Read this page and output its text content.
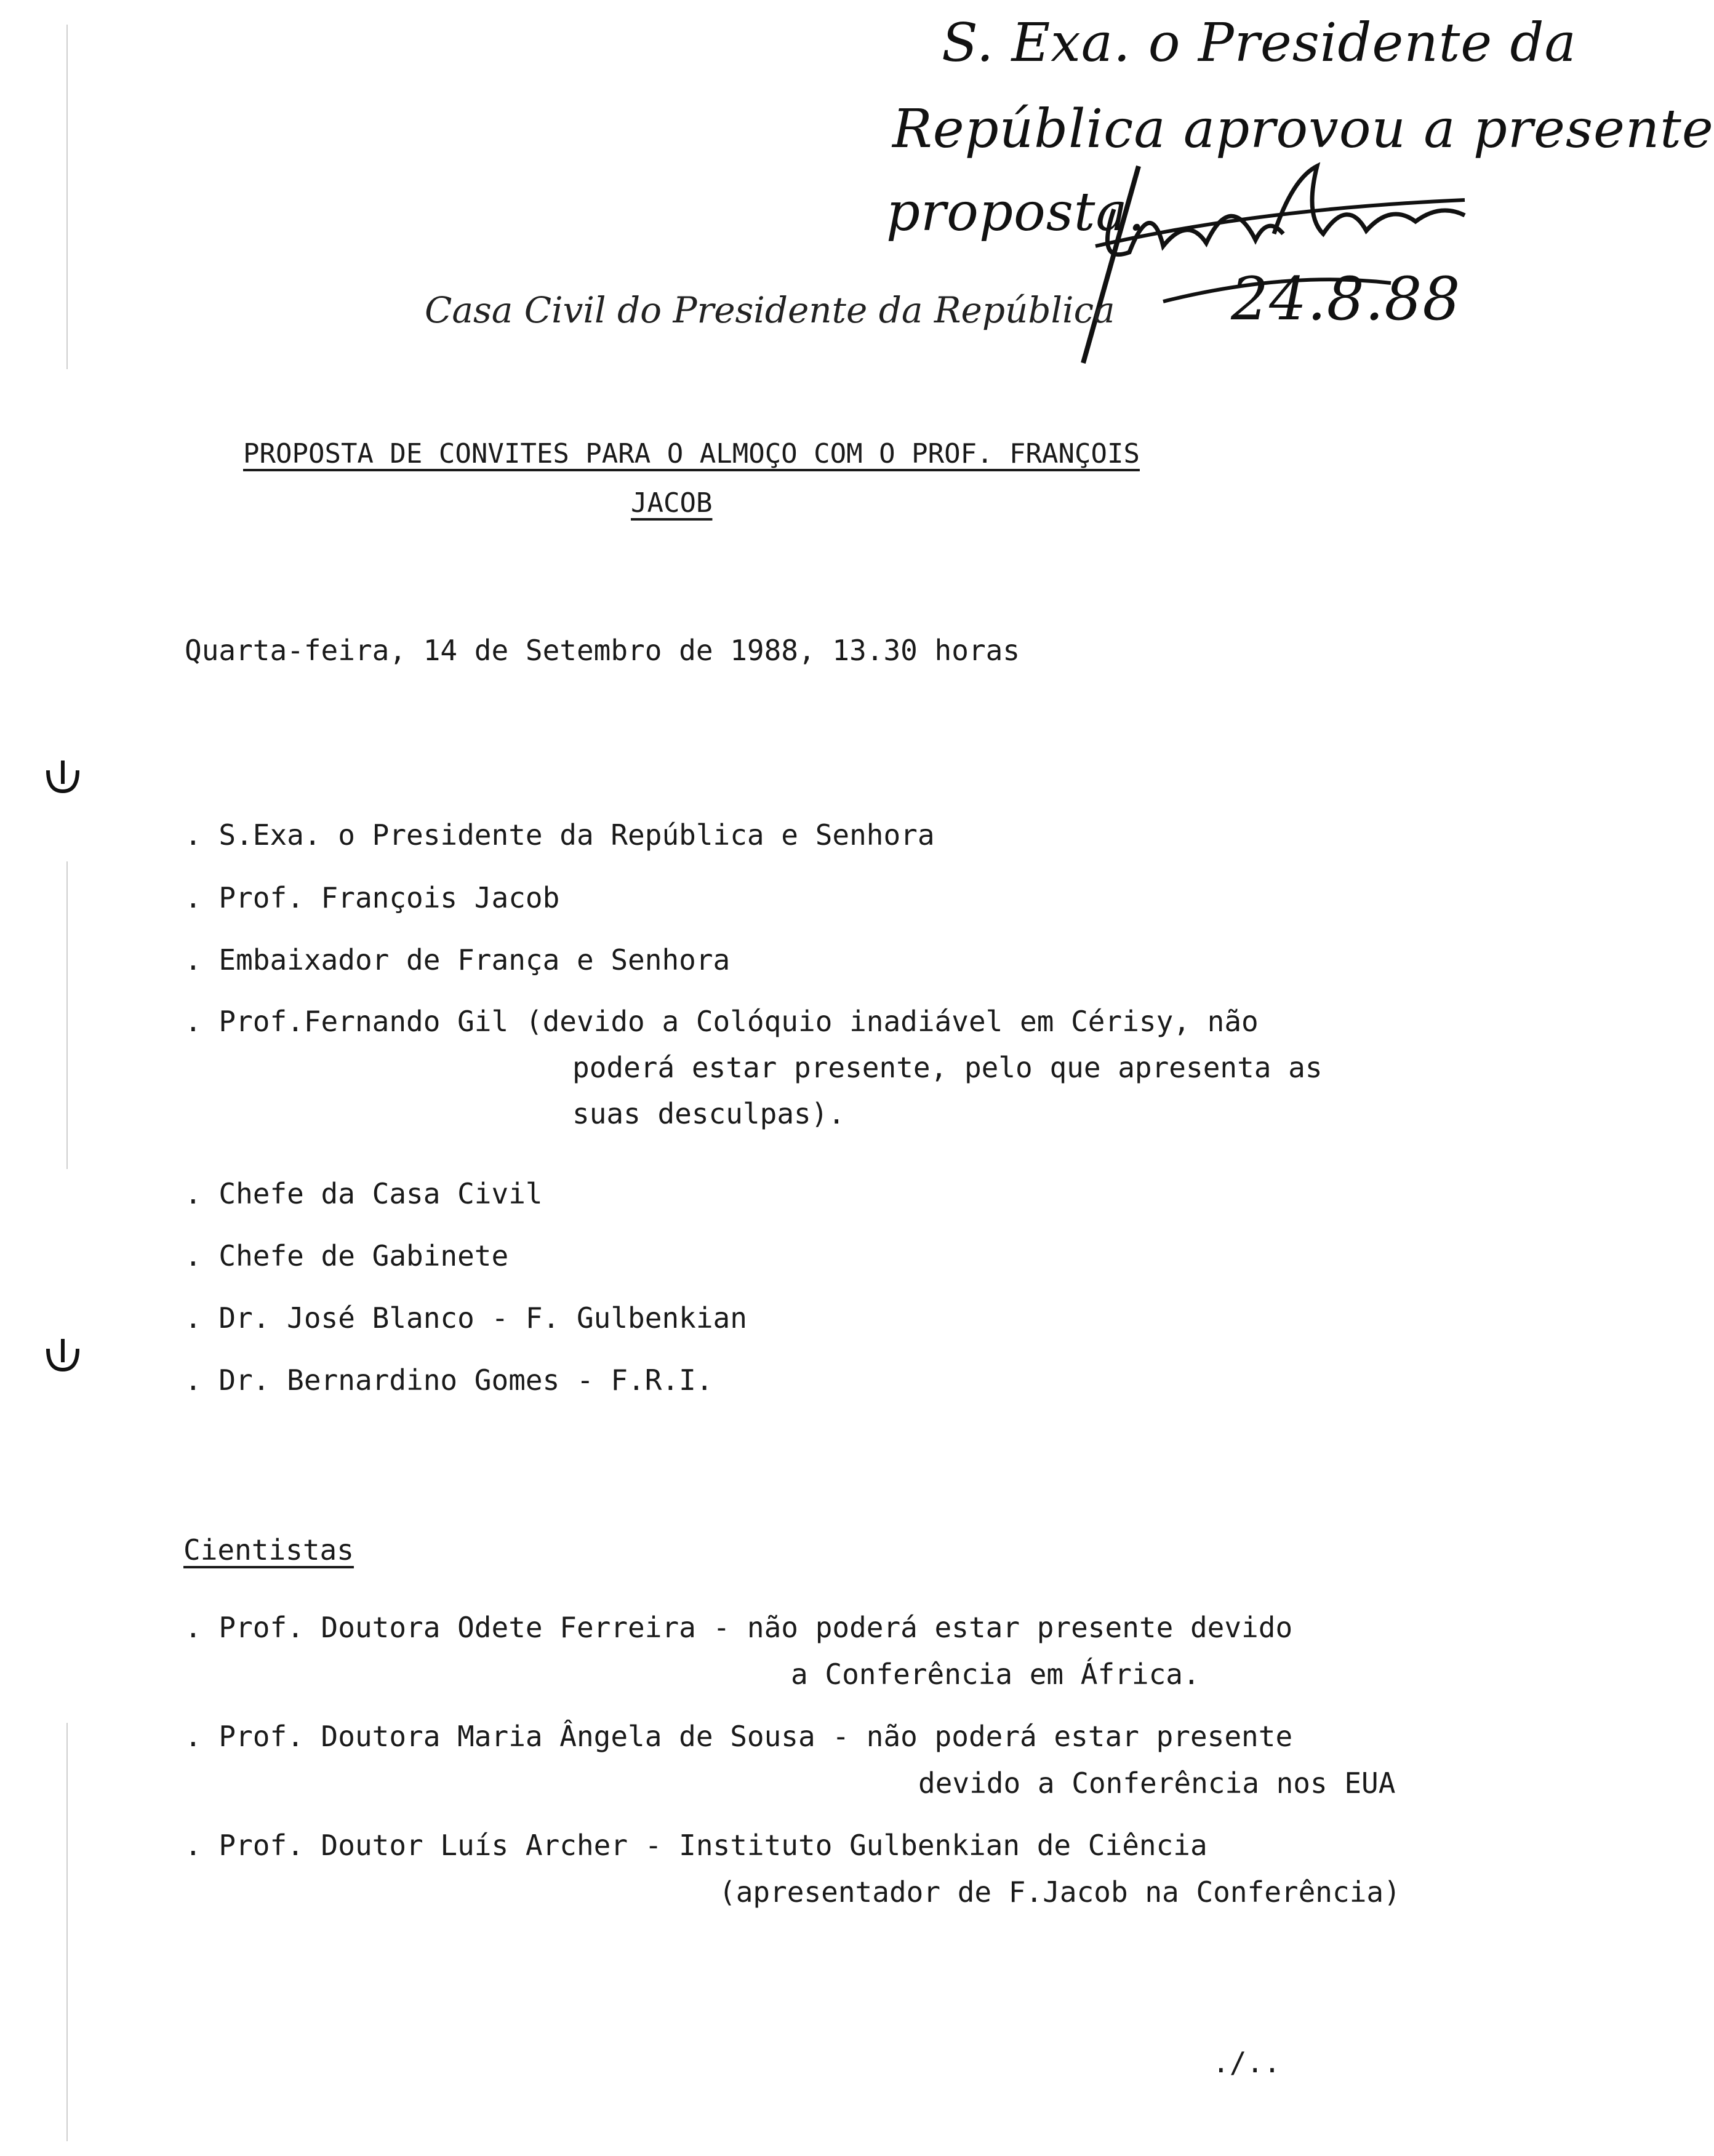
S. Exa. o Presidente da
República aprovou a presente
proposta.
24.8.88
Casa Civil do Presidente da República
PROPOSTA DE CONVITES PARA O ALMOÇO COM O PROF. FRANÇOIS
JACOB
Quarta-feira, 14 de Setembro de 1988, 13.30 horas
. S.Exa. o Presidente da República e Senhora
. Prof. François Jacob
. Embaixador de França e Senhora
. Prof.Fernando Gil (devido a Colóquio inadiável em Cérisy, não
poderá estar presente, pelo que apresenta as
suas desculpas).
. Chefe da Casa Civil
. Chefe de Gabinete
. Dr. José Blanco - F. Gulbenkian
. Dr. Bernardino Gomes - F.R.I.
Cientistas
. Prof. Doutora Odete Ferreira - não poderá estar presente devido
a Conferência em África.
. Prof. Doutora Maria Ângela de Sousa - não poderá estar presente
devido a Conferência nos EUA
. Prof. Doutor Luís Archer - Instituto Gulbenkian de Ciência
(apresentador de F.Jacob na Conferência)
./..
